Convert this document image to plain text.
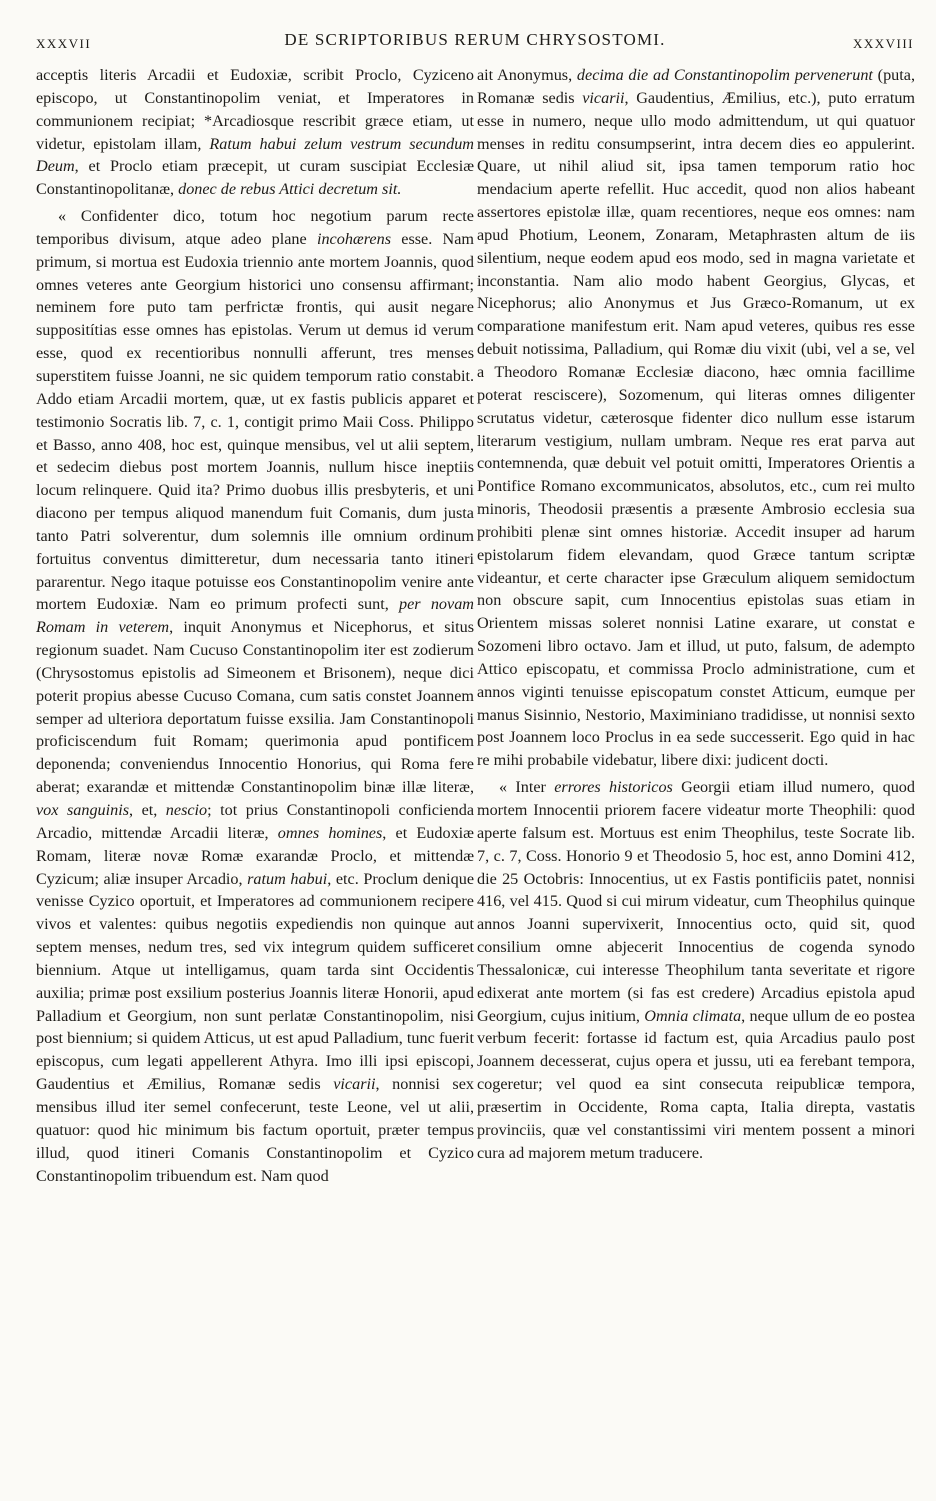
XXXVII	DE SCRIPTORIBUS RERUM CHRYSOSTOMI.	XXXVIII

acceptis literis Arcadii et Eudoxiæ, scribit Proclo, Cyziceno episcopo, ut Constantinopolim veniat, et Imperatores in communionem recipiat; *Arcadiosque rescribit græce etiam, ut videtur, epistolam illam, Ratum habui zelum vestrum secundum Deum, et Proclo etiam præcepit, ut curam suscipiat Ecclesiæ Constantinopolitanæ, donec de rebus Attici decretum sit.

« Confidenter dico, totum hoc negotium parum recte temporibus divisum, atque adeo plane incohærens esse. Nam primum, si mortua est Eudoxia triennio ante mortem Joannis, quod omnes veteres ante Georgium historici uno consensu affirmant; neminem fore puto tam perfrictæ frontis, qui ausit negare suppositítias esse omnes has epistolas. Verum ut demus id verum esse, quod ex recentioribus nonnulli afferunt, tres menses superstitem fuisse Joanni, ne sic quidem temporum ratio constabit. Addo etiam Arcadii mortem, quæ, ut ex fastis publicis apparet et testimonio Socratis lib. 7, c. 1, contigit primo Maii Coss. Philippo et Basso, anno 408, hoc est, quinque mensibus, vel ut alii septem, et sedecim diebus post mortem Joannis, nullum hisce ineptiis locum relinquere. Quid ita? Primo duobus illis presbyteris, et uni diacono per tempus aliquod manendum fuit Comanis, dum justa tanto Patri solverentur, dum solemnis ille omnium ordinum fortuitus conventus dimitteretur, dum necessaria tanto itineri pararentur. Nego itaque potuisse eos Constantinopolim venire ante mortem Eudoxiæ. Nam eo primum profecti sunt, per novam Romam in veterem, inquit Anonymus et Nicephorus, et situs regionum suadet. Nam Cucuso Constantinopolim iter est zodierum (Chrysostomus epistolis ad Simeonem et Brisonem), neque dici poterit propius abesse Cucuso Comana, cum satis constet Joannem semper ad ulteriora deportatum fuisse exsilia. Jam Constantinopoli proficiscendum fuit Romam; querimonia apud pontificem deponenda; conveniendus Innocentio Honorius, qui Roma fere aberat; exarandæ et mittendæ Constantinopolim binæ illæ literæ, vox sanguinis, et, nescio; tot prius Constantinopoli conficienda Arcadio, mittendæ Arcadii literæ, omnes homines, et Eudoxiæ Romam, literæ novæ Romæ exarandæ Proclo, et mittendæ Cyzicum; aliæ insuper Arcadio, ratum habui, etc. Proclum denique venisse Cyzico oportuit, et Imperatores ad communionem recipere vivos et valentes: quibus negotiis expediendis non quinque aut septem menses, nedum tres, sed vix integrum quidem sufficeret biennium. Atque ut intelligamus, quam tarda sint Occidentis auxilia; primæ post exsilium posterius Joannis literæ Honorii, apud Palladium et Georgium, non sunt perlatæ Constantinopolim, nisi post biennium; si quidem Atticus, ut est apud Palladium, tunc fuerit episcopus, cum legati appellerent Athyra. Imo illi ipsi episcopi, Gaudentius et Æmilius, Romanæ sedis vicarii, nonnisi sex mensibus illud iter semel confecerunt, teste Leone, vel ut alii, quatuor: quod hic minimum bis factum oportuit, præter tempus illud, quod itineri Comanis Constantinopolim et Cyzico Constantinopolim tribuendum est. Nam quod

ait Anonymus, decima die ad Constantinopolim pervenerunt (puta, Romanæ sedis vicarii, Gaudentius, Æmilius, etc.), puto erratum esse in numero, neque ullo modo admittendum, ut qui quatuor menses in reditu consumpserint, intra decem dies eo appulerint. Quare, ut nihil aliud sit, ipsa tamen temporum ratio hoc mendacium aperte refellit. Huc accedit, quod non alios habeant assertores epistolæ illæ, quam recentiores, neque eos omnes: nam apud Photium, Leonem, Zonaram, Metaphrasten altum de iis silentium, neque eodem apud eos modo, sed in magna varietate et inconstantia. Nam alio modo habent Georgius, Glycas, et Nicephorus; alio Anonymus et Jus Græco-Romanum, ut ex comparatione manifestum erit. Nam apud veteres, quibus res esse debuit notissima, Palladium, qui Romæ diu vixit (ubi, vel a se, vel a Theodoro Romanæ Ecclesiæ diacono, hæc omnia facillime poterat resciscere), Sozomenum, qui literas omnes diligenter scrutatus videtur, cæterosque fidenter dico nullum esse istarum literarum vestigium, nullam umbram. Neque res erat parva aut contemnenda, quæ debuit vel potuit omitti, Imperatores Orientis a Pontifice Romano excommunicatos, absolutos, etc., cum rei multo minoris, Theodosii præsentis a præsente Ambrosio ecclesia sua prohibiti plenæ sint omnes historiæ. Accedit insuper ad harum epistolarum fidem elevandam, quod Græce tantum scriptæ videantur, et certe character ipse Græculum aliquem semidoctum non obscure sapit, cum Innocentius epistolas suas etiam in Orientem missas soleret nonnisi Latine exarare, ut constat e Sozomeni libro octavo. Jam et illud, ut puto, falsum, de adempto Attico episcopatu, et commissa Proclo administratione, cum et annos viginti tenuisse episcopatum constet Atticum, eumque per manus Sisinnio, Nestorio, Maximiniano tradidisse, ut nonnisi sexto post Joannem loco Proclus in ea sede successerit. Ego quid in hac re mihi probabile videbatur, libere dixi: judicent docti.

« Inter errores historicos Georgii etiam illud numero, quod mortem Innocentii priorem facere videatur morte Theophili: quod aperte falsum est. Mortuus est enim Theophilus, teste Socrate lib. 7, c. 7, Coss. Honorio 9 et Theodosio 5, hoc est, anno Domini 412, die 25 Octobris: Innocentius, ut ex Fastis pontificiis patet, nonnisi 416, vel 415. Quod si cui mirum videatur, cum Theophilus quinque annos Joanni supervixerit, Innocentius octo, quid sit, quod consilium omne abjecerit Innocentius de cogenda synodo Thessalonicæ, cui interesse Theophilum tanta severitate et rigore edixerat ante mortem (si fas est credere) Arcadius epistola apud Georgium, cujus initium, Omnia climata, neque ullum de eo postea verbum fecerit: fortasse id factum est, quia Arcadius paulo post Joannem decesserat, cujus opera et jussu, uti ea ferebant tempora, cogeretur; vel quod ea sint consecuta reipublicæ tempora, præsertim in Occidente, Roma capta, Italia direpta, vastatis provinciis, quæ vel constantissimi viri mentem possent a minori cura ad majorem metum traducere.
